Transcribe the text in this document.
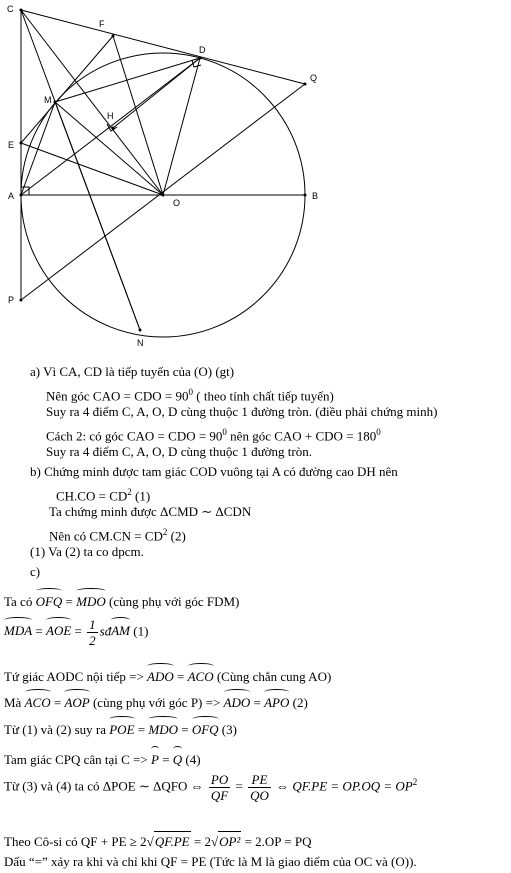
C
F
D
Q
M
H
E
A
O
B
P
N
a) Vì CA, CD là tiếp tuyến của (O) (gt)
Nên góc CAO = CDO = $90^0$ ( theo tính chất tiếp tuyến)
Suy ra 4 điểm C, A, O, D cùng thuộc 1 đường tròn. (điều phải chứng minh)
Cách 2: có góc CAO = CDO = $90^0$ nên góc CAO + CDO = $180^0$
Suy ra 4 điểm C, A, O, D cùng thuộc 1 đường tròn.
b) Chứng minh được tam giác COD vuông tại A có đường cao DH nên
$CH.CO = CD^2$ (1)
Ta chứng minh được ΔCMD ∼ ΔCDN
Nên có $CM.CN = CD^2$ (2)
(1) Va (2) ta co dpcm.
c)
Ta có OFQ = MDO (cùng phụ với góc FDM)
MDA = AOE = $\frac{1}{2}$ sđAM (1)
Tứ giác AODC nội tiếp => ADO = ACO (Cùng chắn cung AO)
Mà ACO = AOP (cùng phụ với góc P) => ADO = APO (2)
Từ (1) và (2) suy ra POE = MDO = OFQ (3)
Tam giác CPQ cân tại C => P = Q (4)
Từ (3) và (4) ta có ΔPOE ∼ ΔQFO ⇔ $\frac{PO}{QF} = \frac{PE}{QO}$ ⇔ $QF.PE = OP.OQ = OP^2$
Theo Cô-si có QF + PE ≥ 2√QF.PE = 2√OP² = 2.OP = PQ
Dấu “=” xảy ra khi và chỉ khi QF = PE (Tức là M là giao điểm của OC và (O)).
